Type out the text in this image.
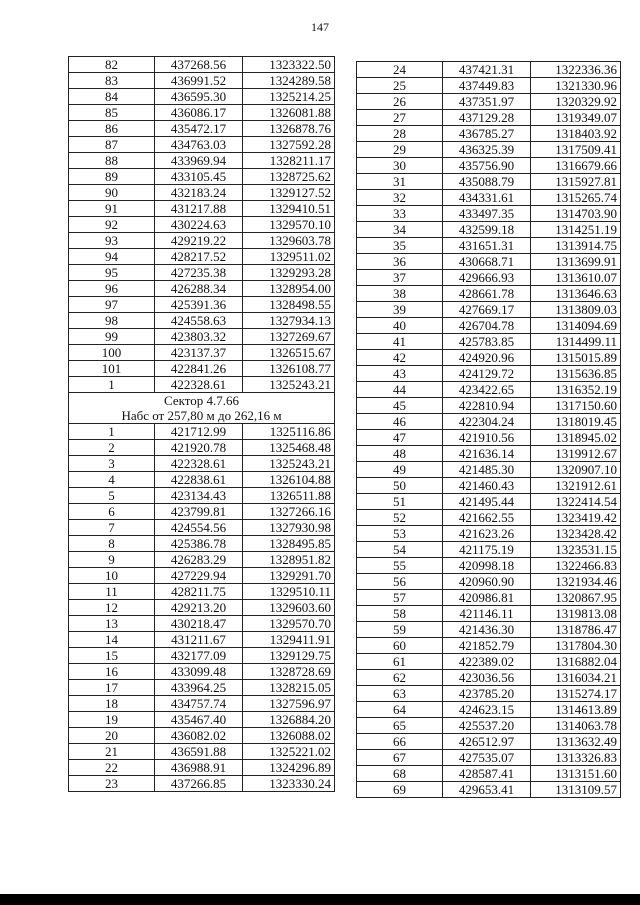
147
82	437268.56	1323322.50
83	436991.52	1324289.58
84	436595.30	1325214.25
85	436086.17	1326081.88
86	435472.17	1326878.76
87	434763.03	1327592.28
88	433969.94	1328211.17
89	433105.45	1328725.62
90	432183.24	1329127.52
91	431217.88	1329410.51
92	430224.63	1329570.10
93	429219.22	1329603.78
94	428217.52	1329511.02
95	427235.38	1329293.28
96	426288.34	1328954.00
97	425391.36	1328498.55
98	424558.63	1327934.13
99	423803.32	1327269.67
100	423137.37	1326515.67
101	422841.26	1326108.77
1	422328.61	1325243.21
Сектор 4.7.66		
Набс от 257,80 м до 262,16 м		
1	421712.99	1325116.86
2	421920.78	1325468.48
3	422328.61	1325243.21
4	422838.61	1326104.88
5	423134.43	1326511.88
6	423799.81	1327266.16
7	424554.56	1327930.98
8	425386.78	1328495.85
9	426283.29	1328951.82
10	427229.94	1329291.70
11	428211.75	1329510.11
12	429213.20	1329603.60
13	430218.47	1329570.70
14	431211.67	1329411.91
15	432177.09	1329129.75
16	433099.48	1328728.69
17	433964.25	1328215.05
18	434757.74	1327596.97
19	435467.40	1326884.20
20	436082.02	1326088.02
21	436591.88	1325221.02
22	436988.91	1324296.89
23	437266.85	1323330.24
24	437421.31	1322336.36
25	437449.83	1321330.96
26	437351.97	1320329.92
27	437129.28	1319349.07
28	436785.27	1318403.92
29	436325.39	1317509.41
30	435756.90	1316679.66
31	435088.79	1315927.81
32	434331.61	1315265.74
33	433497.35	1314703.90
34	432599.18	1314251.19
35	431651.31	1313914.75
36	430668.71	1313699.91
37	429666.93	1313610.07
38	428661.78	1313646.63
39	427669.17	1313809.03
40	426704.78	1314094.69
41	425783.85	1314499.11
42	424920.96	1315015.89
43	424129.72	1315636.85
44	423422.65	1316352.19
45	422810.94	1317150.60
46	422304.24	1318019.45
47	421910.56	1318945.02
48	421636.14	1319912.67
49	421485.30	1320907.10
50	421460.43	1321912.61
51	421495.44	1322414.54
52	421662.55	1323419.42
53	421623.26	1323428.42
54	421175.19	1323531.15
55	420998.18	1322466.83
56	420960.90	1321934.46
57	420986.81	1320867.95
58	421146.11	1319813.08
59	421436.30	1318786.47
60	421852.79	1317804.30
61	422389.02	1316882.04
62	423036.56	1316034.21
63	423785.20	1315274.17
64	424623.15	1314613.89
65	425537.20	1314063.78
66	426512.97	1313632.49
67	427535.07	1313326.83
68	428587.41	1313151.60
69	429653.41	1313109.57
